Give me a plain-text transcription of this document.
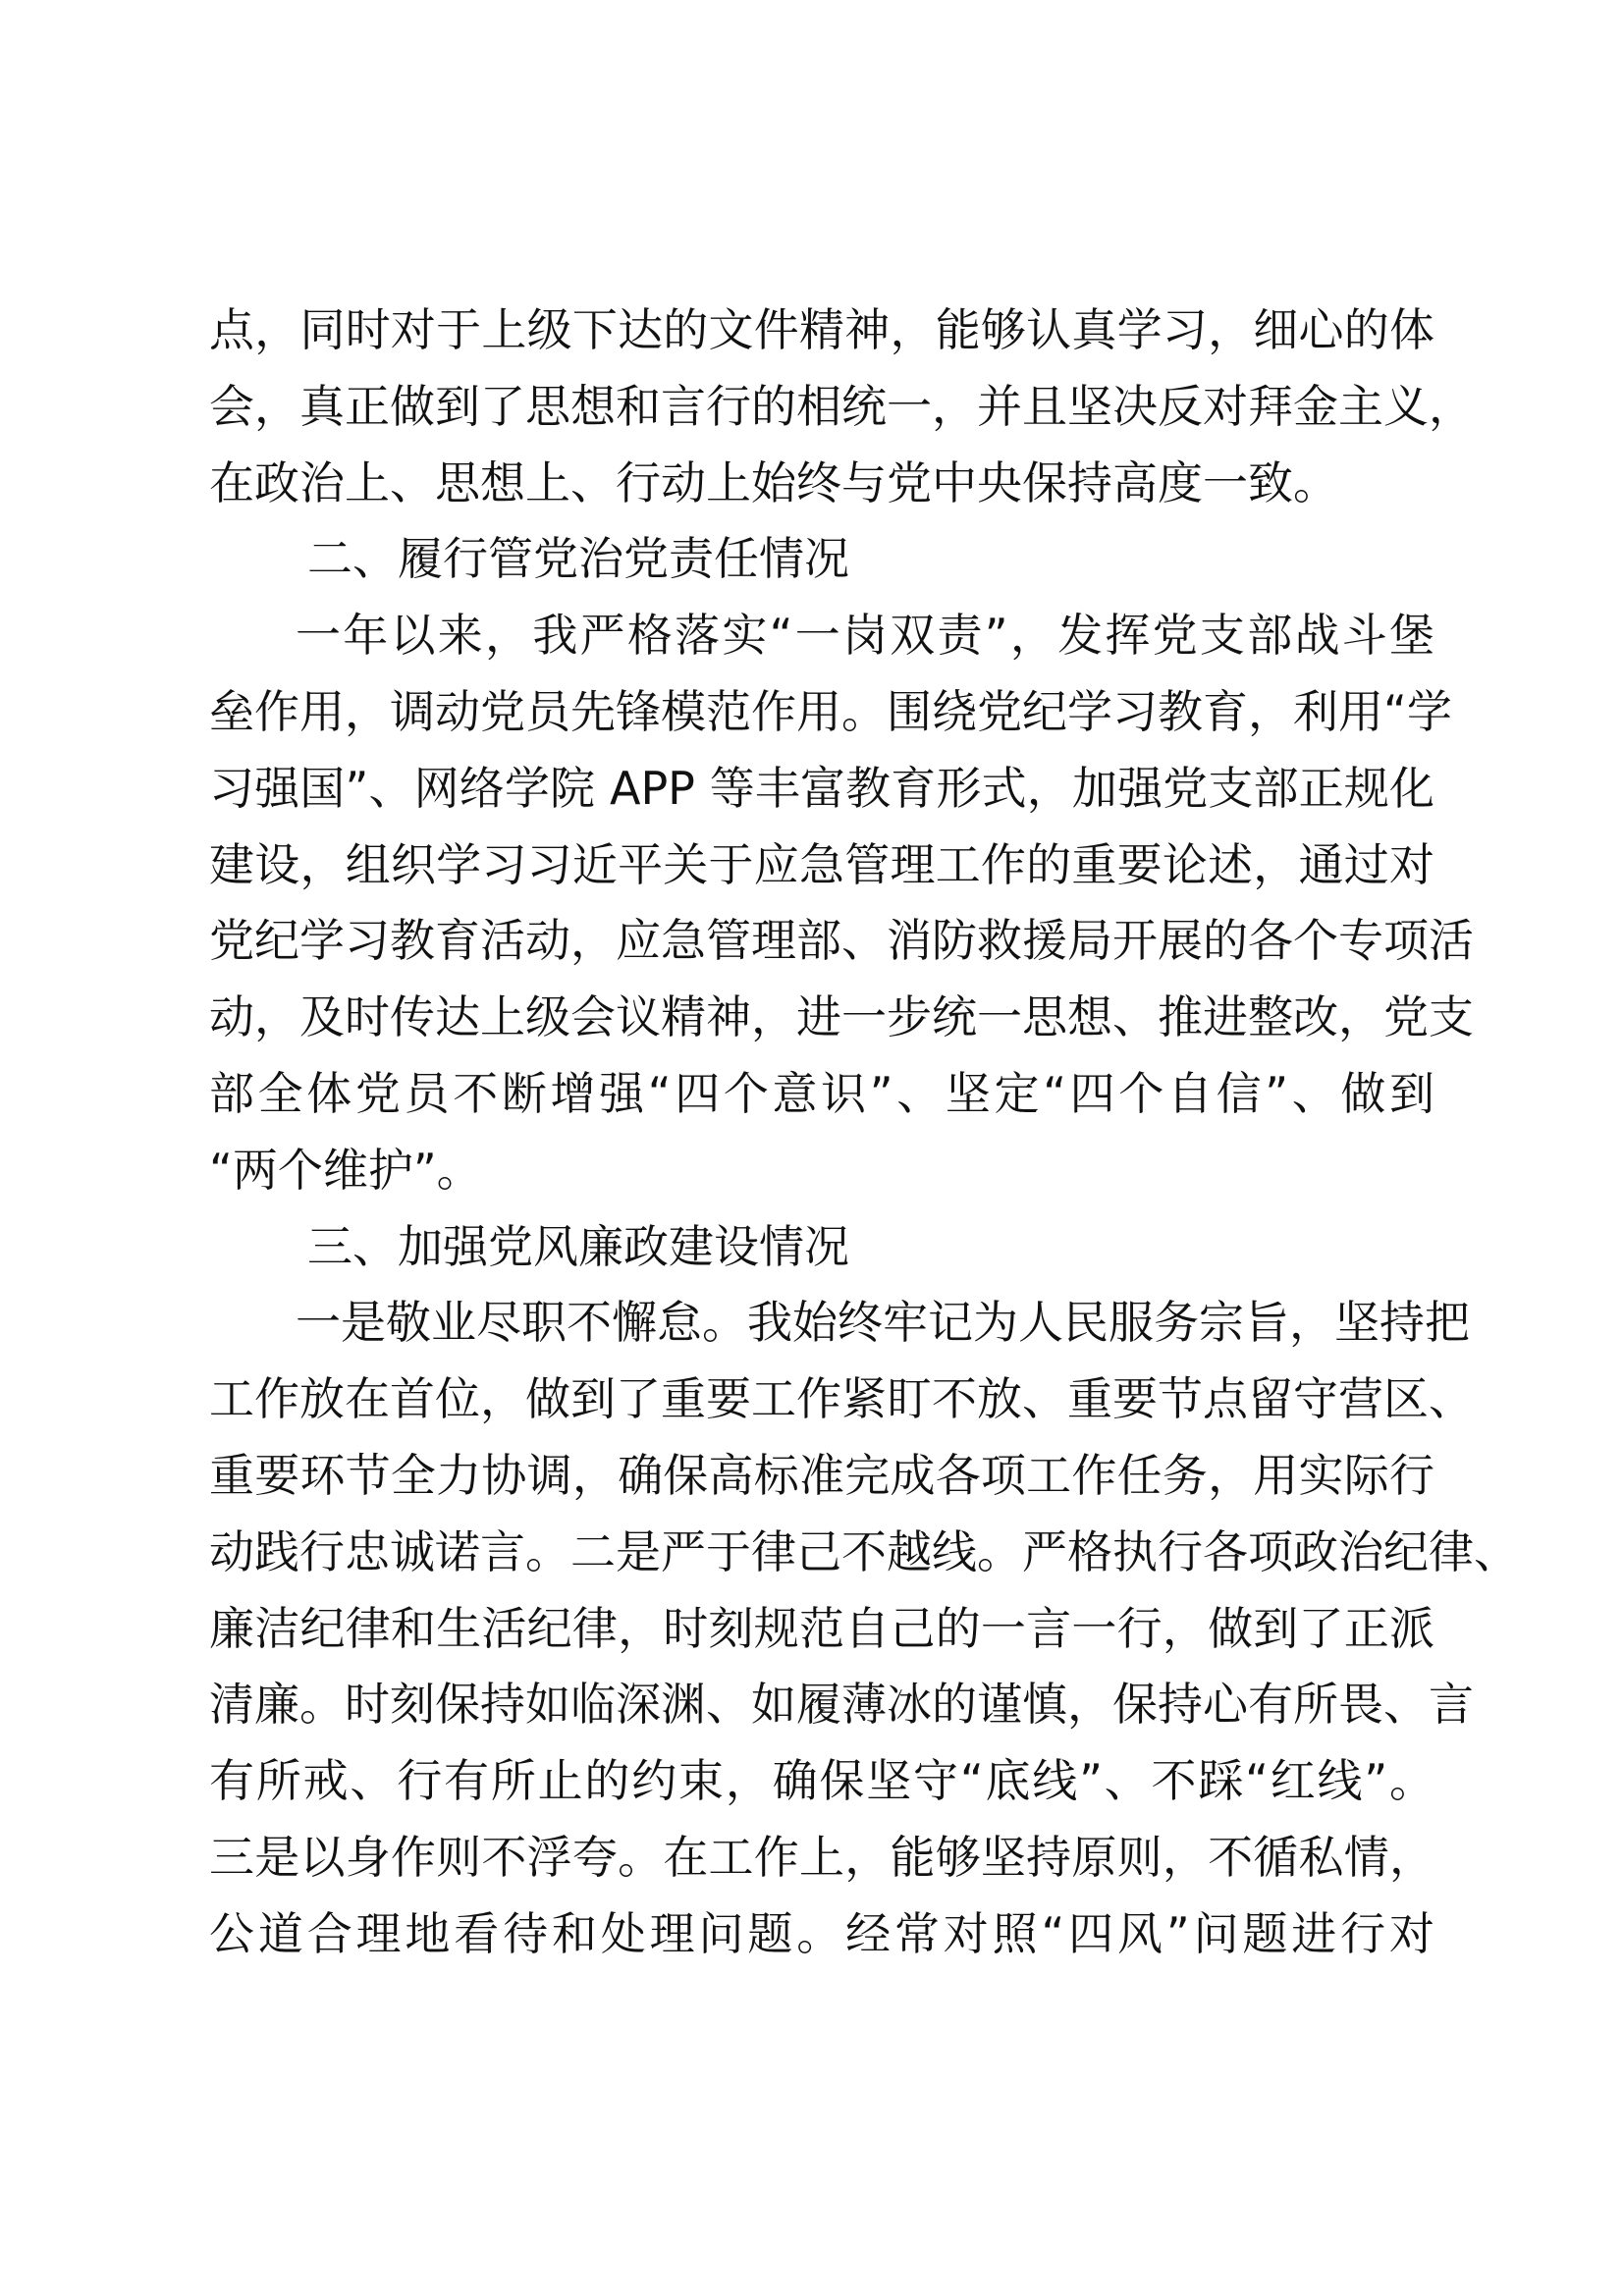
点，同时对于上级下达的文件精神，能够认真学习，细心的体
会，真正做到了思想和言行的相统一，并且坚决反对拜金主义，
在政治上、思想上、行动上始终与党中央保持高度一致。
二、履行管党治党责任情况
一年以来，我严格落实“一岗双责”，发挥党支部战斗堡
垒作用，调动党员先锋模范作用。围绕党纪学习教育，利用“学
习强国”、网络学院 APP 等丰富教育形式，加强党支部正规化
建设，组织学习习近平关于应急管理工作的重要论述，通过对
党纪学习教育活动，应急管理部、消防救援局开展的各个专项活
动，及时传达上级会议精神，进一步统一思想、推进整改，党支
部全体党员不断增强“四个意识”、坚定“四个自信”、做到
“两个维护”。
三、加强党风廉政建设情况
一是敬业尽职不懈怠。我始终牢记为人民服务宗旨，坚持把
工作放在首位，做到了重要工作紧盯不放、重要节点留守营区、
重要环节全力协调，确保高标准完成各项工作任务，用实际行
动践行忠诚诺言。二是严于律己不越线。严格执行各项政治纪律、
廉洁纪律和生活纪律，时刻规范自己的一言一行，做到了正派
清廉。时刻保持如临深渊、如履薄冰的谨慎，保持心有所畏、言
有所戒、行有所止的约束，确保坚守“底线”、不踩“红线”。
三是以身作则不浮夸。在工作上，能够坚持原则，不循私情，
公道合理地看待和处理问题。经常对照“四风”问题进行对
